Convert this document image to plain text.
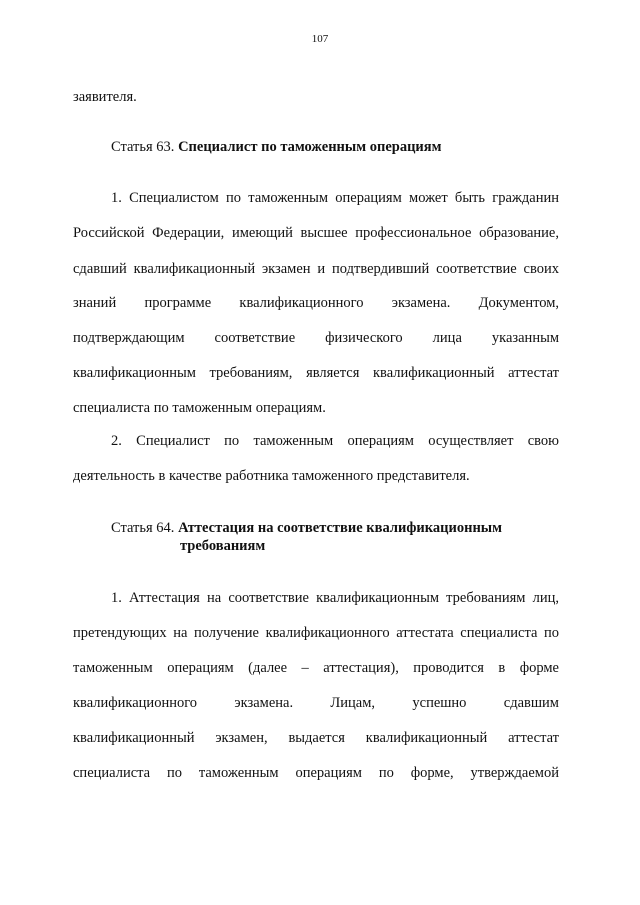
107
заявителя.
Статья 63. Специалист по таможенным операциям
1. Специалистом по таможенным операциям может быть гражданин
Российской Федерации, имеющий высшее профессиональное образование,
сдавший квалификационный экзамен и подтвердивший соответствие своих
знаний программе квалификационного экзамена. Документом,
подтверждающим соответствие физического лица указанным
квалификационным требованиям, является квалификационный аттестат
специалиста по таможенным операциям.
2. Специалист по таможенным операциям осуществляет свою
деятельность в качестве работника таможенного представителя.
Статья 64. Аттестация на соответствие квалификационным
требованиям
1. Аттестация на соответствие квалификационным требованиям лиц,
претендующих на получение квалификационного аттестата специалиста по
таможенным операциям (далее – аттестация), проводится в форме
квалификационного экзамена. Лицам, успешно сдавшим
квалификационный экзамен, выдается квалификационный аттестат
специалиста по таможенным операциям по форме, утверждаемой
